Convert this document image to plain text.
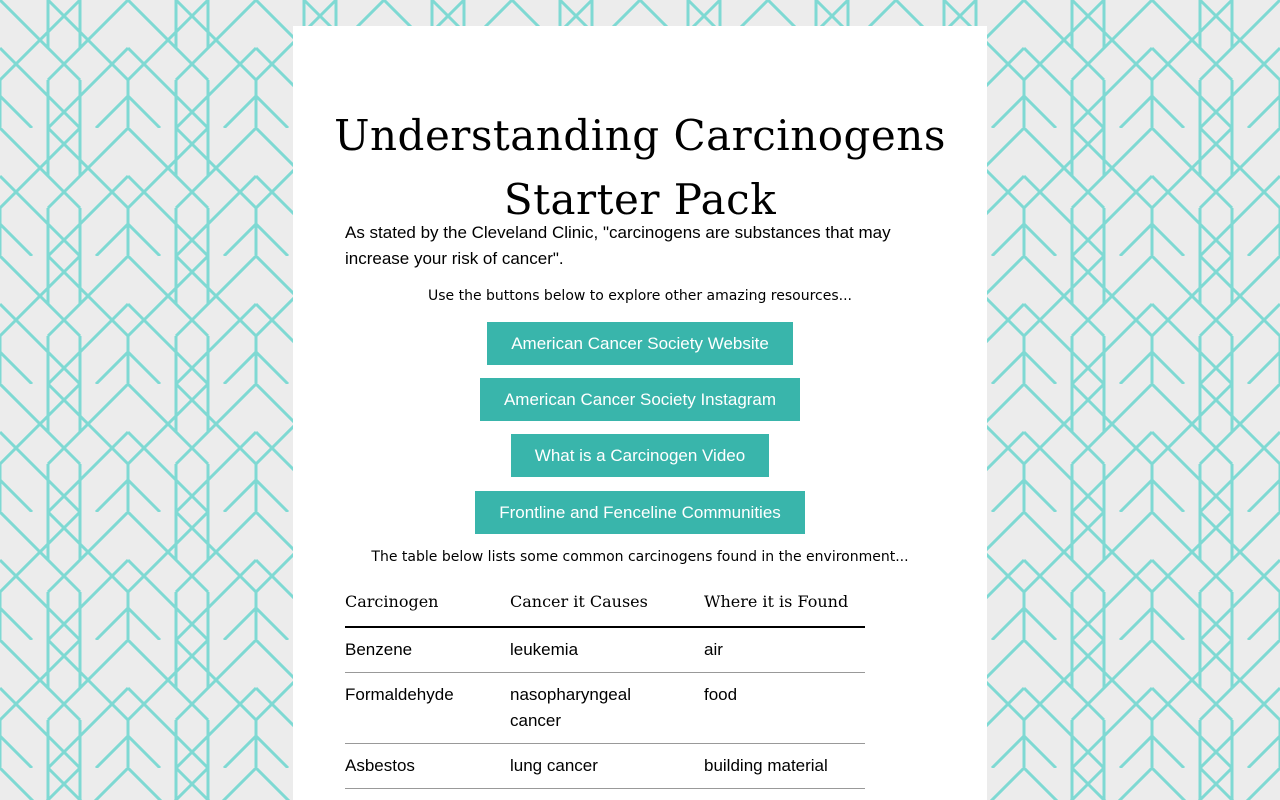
Understanding Carcinogens Starter Pack

As stated by the Cleveland Clinic, "carcinogens are substances that may increase your risk of cancer".

Use the buttons below to explore other amazing resources...

American Cancer Society Website
American Cancer Society Instagram
What is a Carcinogen Video
Frontline and Fenceline Communities

The table below lists some common carcinogens found in the environment...

Carcinogen	Cancer it Causes	Where it is Found
Benzene	leukemia	air
Formaldehyde	nasopharyngeal cancer	food
Asbestos	lung cancer	building material
